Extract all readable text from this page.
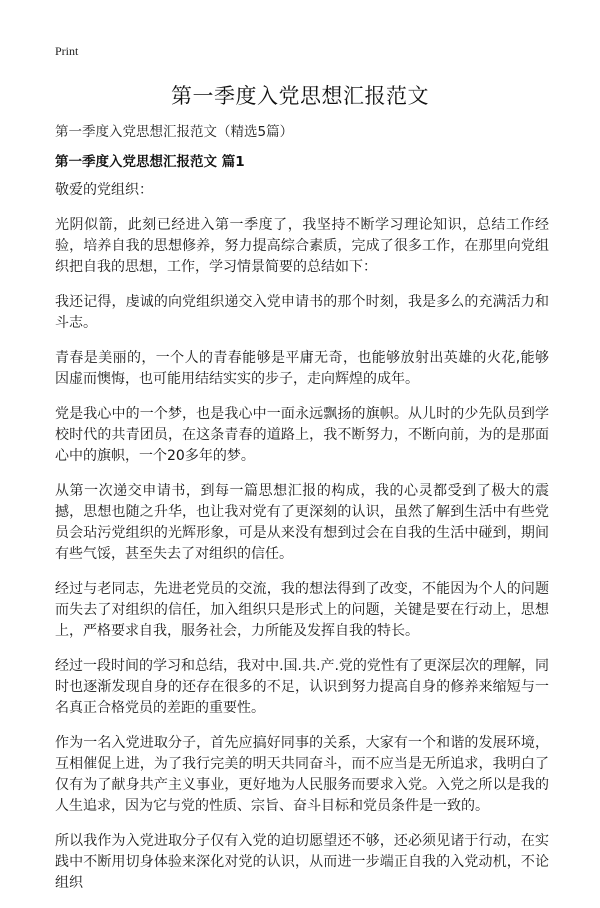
Print
第一季度入党思想汇报范文
第一季度入党思想汇报范文（精选5篇）
第一季度入党思想汇报范文 篇1

敬爱的党组织：

光阴似箭，此刻已经进入第一季度了，我坚持不断学习理论知识，总结工作经验，培养自我的思想修养，努力提高综合素质，完成了很多工作，在那里向党组织把自我的思想，工作，学习情景简要的总结如下：

我还记得，虔诚的向党组织递交入党申请书的那个时刻，我是多么的充满活力和斗志。

青春是美丽的，一个人的青春能够是平庸无奇，也能够放射出英雄的火花,能够因虚而懊悔，也可能用结结实实的步子，走向辉煌的成年。

党是我心中的一个梦，也是我心中一面永远飘扬的旗帜。从儿时的少先队员到学校时代的共青团员，在这条青春的道路上，我不断努力，不断向前，为的是那面心中的旗帜，一个20多年的梦。

从第一次递交申请书，到每一篇思想汇报的构成，我的心灵都受到了极大的震撼，思想也随之升华，也让我对党有了更深刻的认识，虽然了解到生活中有些党员会玷污党组织的光辉形象，可是从来没有想到过会在自我的生活中碰到，期间有些气馁，甚至失去了对组织的信任。

经过与老同志，先进老党员的交流，我的想法得到了改变，不能因为个人的问题而失去了对组织的信任，加入组织只是形式上的问题，关键是要在行动上，思想上，严格要求自我，服务社会，力所能及发挥自我的特长。

经过一段时间的学习和总结，我对中.国.共.产.党的党性有了更深层次的理解，同时也逐渐发现自身的还存在很多的不足，认识到努力提高自身的修养来缩短与一名真正合格党员的差距的重要性。

作为一名入党进取分子，首先应搞好同事的关系，大家有一个和谐的发展环境，互相催促上进，为了我行完美的明天共同奋斗，而不应当是无所追求，我明白了仅有为了献身共产主义事业，更好地为人民服务而要求入党。入党之所以是我的人生追求，因为它与党的性质、宗旨、奋斗目标和党员条件是一致的。

所以我作为入党进取分子仅有入党的迫切愿望还不够，还必须见诸于行动，在实践中不断用切身体验来深化对党的认识，从而进一步端正自我的入党动机，不论组织
